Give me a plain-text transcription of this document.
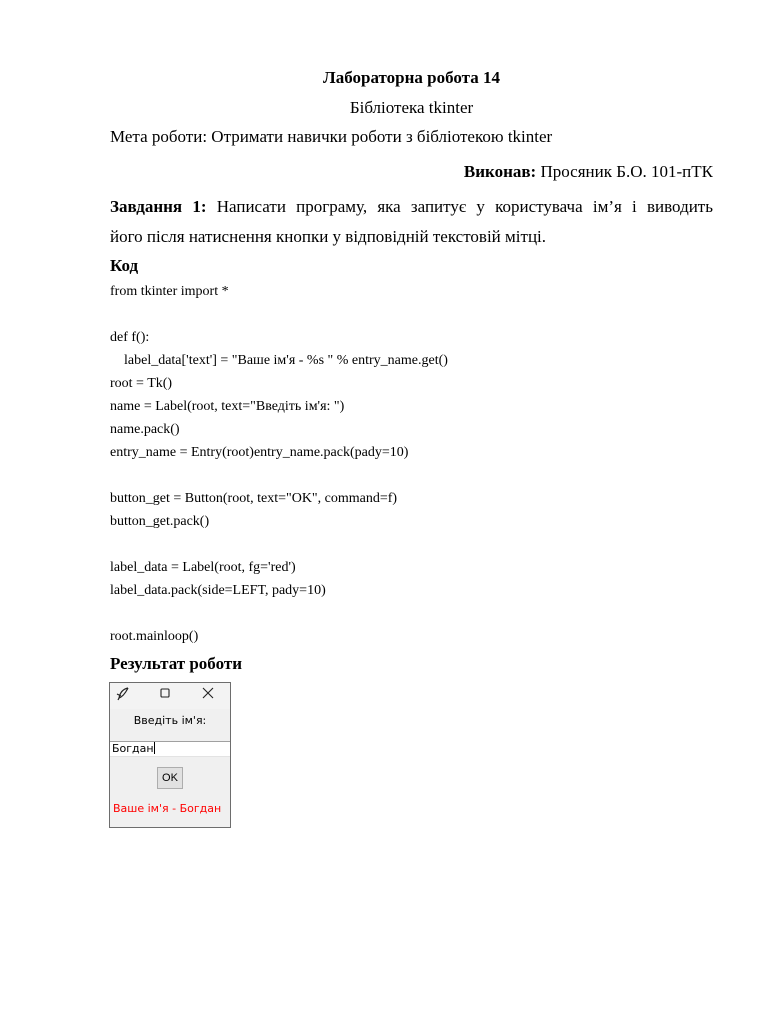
Лабораторна робота 14
Бібліотека tkinter
Мета роботи: Отримати навички роботи з бібліотекою tkinter
Виконав: Просяник Б.О. 101-пТК
Завдання 1: Написати програму, яка запитує у користувача ім’я і виводить
його після натиснення кнопки у відповідній текстовій мітці.
Код
from tkinter import *
def f():
label_data['text'] = "Ваше ім'я - %s " % entry_name.get()
root = Tk()
name = Label(root, text="Введіть ім'я: ")
name.pack()
entry_name = Entry(root)entry_name.pack(pady=10)
button_get = Button(root, text="OK", command=f)
button_get.pack()
label_data = Label(root, fg='red')
label_data.pack(side=LEFT, pady=10)
root.mainloop()
Результат роботи
Введіть ім'я:
Богдан
OK
Ваше ім'я - Богдан
